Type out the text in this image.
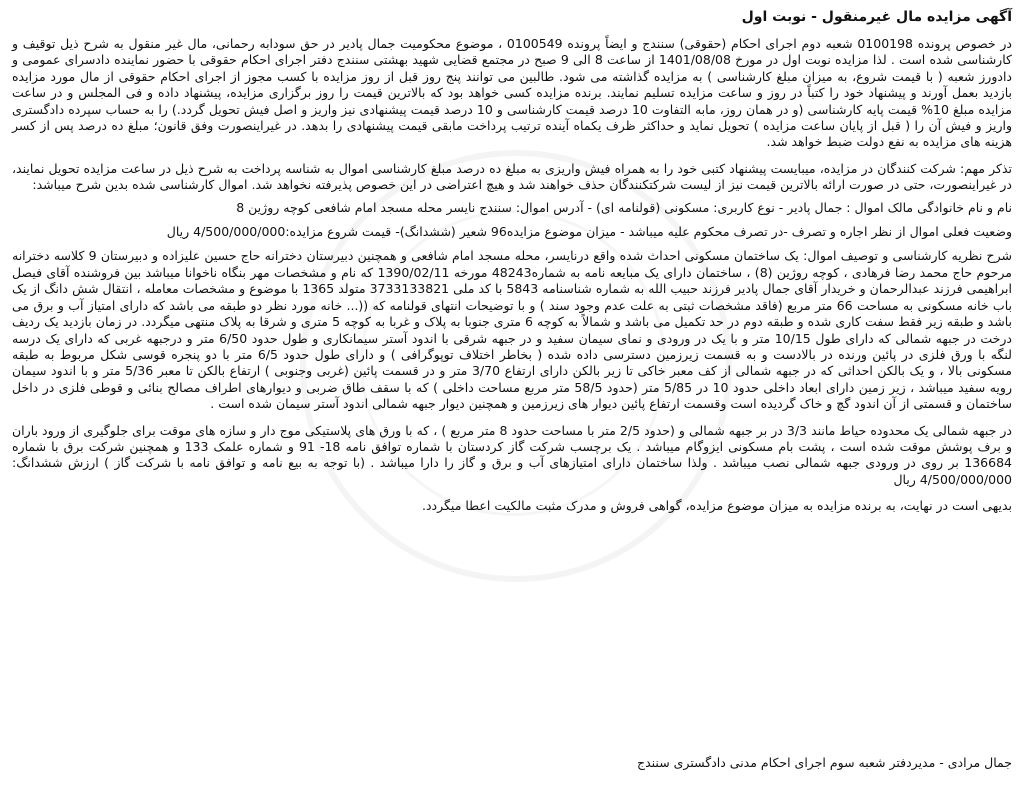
آگهی مزایده مال غیرمنقول - نوبت اول

در خصوص پرونده 0100198 شعبه دوم اجرای احکام (حقوقی) سنندج و ایضاً پرونده 0100549 ، موضوع محکومیت جمال پادیر در حق سودابه رحمانی، مال غیر منقول به شرح ذیل توقیف و کارشناسی شده است . لذا مزایده نوبت اول در مورخ 1401/08/08 از ساعت 8 الی 9 صبح در مجتمع قضایی شهید بهشتی سنندج دفتر اجرای احکام حقوقی با حضور نماینده دادسرای عمومی و دادورز شعبه ( با قیمت شروع، به میزان مبلغ کارشناسی ) به مزایده گذاشته می شود. طالبین می توانند پنج روز قبل از روز مزایده با کسب مجوز از اجرای احکام حقوقی از مال مورد مزایده بازدید بعمل آورند و پیشنهاد خود را کتباً در روز و ساعت مزایده تسلیم نمایند. برنده مزایده کسی خواهد بود که بالاترین قیمت را روز برگزاری مزایده، پیشنهاد داده و فی المجلس و در ساعت مزایده مبلغ 10% قیمت پایه کارشناسی (و در همان روز، مابه التفاوت 10 درصد قیمت کارشناسی و 10 درصد قیمت پیشنهادی نیز واریز و اصل فیش تحویل گردد.) را به حساب سپرده دادگستری واریز و فیش آن را ( قبل از پایان ساعت مزایده ) تحویل نماید و حداکثر ظرف یکماه آینده ترتیب پرداخت مابقی قیمت پیشنهادی را بدهد. در غیراینصورت وفق قانون؛ مبلغ ده درصد پس از کسر هزینه های مزایده به نفع دولت ضبط خواهد شد.

تذکر مهم: شرکت کنندگان در مزایده، میبایست پیشنهاد کتبی خود را به همراه فیش واریزی به مبلغ ده درصد مبلغ کارشناسی اموال به شناسه پرداخت به شرح ذیل در ساعت مزایده تحویل نمایند، در غیراینصورت، حتی در صورت ارائه بالاترین قیمت نیز از لیست شرکتکنندگان حذف خواهند شد و هیچ اعتراضی در این خصوص پذیرفته نخواهد شد. اموال کارشناسی شده بدین شرح میباشد:

نام و نام خانوادگی مالک اموال : جمال پادیر - نوع کاربری: مسکونی (قولنامه ای) - آدرس اموال: سنندج نایسر محله مسجد امام شافعی کوچه روژین 8
وضعیت فعلی اموال از نظر اجاره و تصرف -در تصرف محکوم علیه میباشد - میزان موضوع مزایده96 شعیر (ششدانگ)- قیمت شروع مزایده:4/500/000/000 ریال

شرح نظریه کارشناسی و توصیف اموال: یک ساختمان مسکونی احداث شده واقع درنایسر، محله مسجد امام شافعی و همچنین دبیرستان دخترانه حاج حسین علیزاده و دبیرستان 9 کلاسه دخترانه مرحوم حاج محمد رضا فرهادی ، کوچه روژین (8) ، ساختمان دارای یک مبایعه نامه به شماره48243 مورخه 1390/02/11 که نام و مشخصات مهر بنگاه ناخوانا میباشد بین فروشنده آقای فیصل ابراهیمی فرزند عبدالرحمان و خریدار آقای جمال پادیر فرزند حبیب الله به شماره شناسنامه 5843 با کد ملی 3733133821 متولد 1365 با موضوع و مشخصات معامله ، انتقال شش دانگ از یک باب خانه مسکونی به مساحت 66 متر مربع (فاقد مشخصات ثبتی به علت عدم وجود سند ) و با توضیحات انتهای قولنامه که ((... خانه مورد نظر دو طبقه می باشد که دارای امتیاز آب و برق می باشد و طبقه زیر فقط سفت کاری شده و طبقه دوم در حد تکمیل می باشد و شمالاً به کوچه 6 متری جنوبا به پلاک و غربا به کوچه 5 متری و شرقا به پلاک منتهی میگردد. در زمان بازدید یک ردیف درخت در جبهه شمالی که دارای طول 10/15 متر و با یک در ورودی و نمای سیمان سفید و در جبهه شرقی با اندود آستر سیمانکاری و طول حدود 6/50 متر و درجبهه غربی که دارای یک درسه لنگه با ورق فلزی در پائین ورنده در بالادست و به قسمت زیرزمین دسترسی داده شده ( بخاطر اختلاف توپوگرافی ) و دارای طول حدود 6/5 متر با دو پنجره قوسی شکل مربوط به طبقه مسکونی بالا ، و یک بالکن احداثی که در جبهه شمالی از کف معبر خاکی تا زیر بالکن دارای ارتفاع 3/70 متر و در قسمت پائین (غربی وجنوبی ) ارتفاع بالکن تا معبر 5/36 متر و با اندود سیمان رویه سفید میباشد ، زیر زمین دارای ابعاد داخلی حدود 10 در 5/85 متر (حدود 58/5 متر مربع مساحت داخلی ) که با سقف طاق ضربی و دیوارهای اطراف مصالح بنائی و قوطی فلزی در داخل ساختمان و قسمتی از آن اندود گچ و خاک گردیده است وقسمت ارتفاع پائین دیوار های زیرزمین و همچنین دیوار جبهه شمالی اندود آستر سیمان شده است .

در جبهه شمالی یک محدوده حیاط مانند 3/3 در بر جبهه شمالی و (حدود 2/5 متر با مساحت حدود 8 متر مربع ) ، که با ورق های پلاستیکی موج دار و سازه های موقت برای جلوگیری از ورود باران و برف پوشش موقت شده است ، پشت بام مسکونی ایزوگام میباشد . یک برچسب شرکت گاز کردستان با شماره توافق نامه 18- 91 و شماره علمک 133 و همچنین شرکت برق با شماره 136684 بر روی در ورودی جبهه شمالی نصب میباشد . ولذا ساختمان دارای امتیازهای آب و برق و گاز را دارا میباشد . (با توجه به بیع نامه و توافق نامه با شرکت گاز ) ارزش ششدانگ: 4/500/000/000 ریال

بدیهی است در نهایت، به برنده مزایده به میزان موضوع مزایده، گواهی فروش و مدرک مثبت مالکیت اعطا میگردد.

جمال مرادی - مدیردفتر شعبه سوم اجرای احکام مدنی دادگستری سنندج
